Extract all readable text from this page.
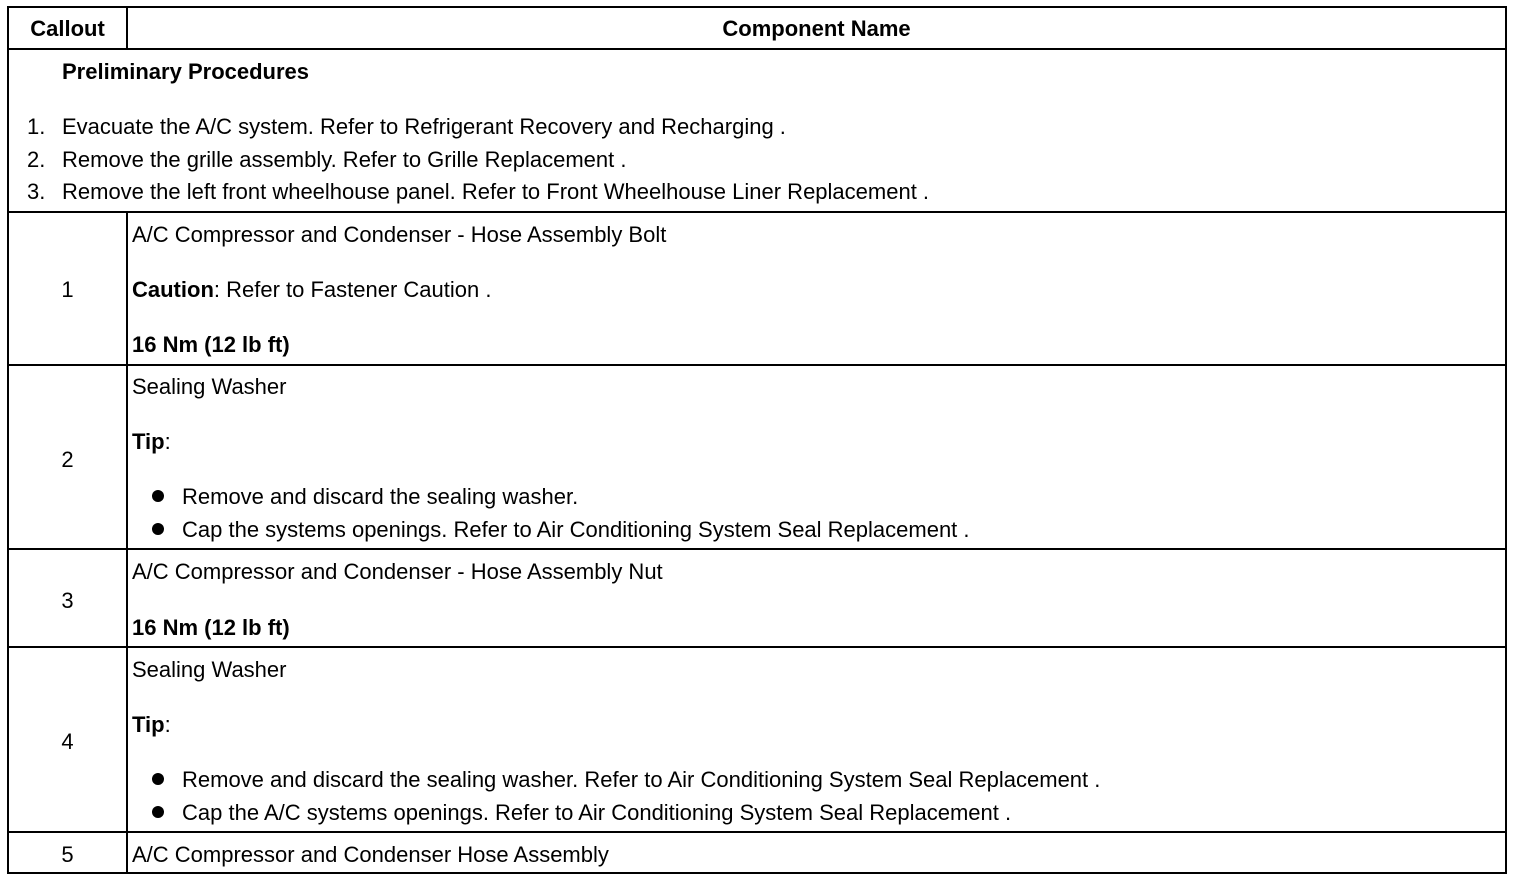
Callout	Component Name
Preliminary Procedures
1. Evacuate the A/C system. Refer to Refrigerant Recovery and Recharging .
2. Remove the grille assembly. Refer to Grille Replacement .
3. Remove the left front wheelhouse panel. Refer to Front Wheelhouse Liner Replacement .
1
A/C Compressor and Condenser - Hose Assembly Bolt
Caution: Refer to Fastener Caution .
16 Nm (12 lb ft)
2
Sealing Washer
Tip:
Remove and discard the sealing washer.
Cap the systems openings. Refer to Air Conditioning System Seal Replacement .
3
A/C Compressor and Condenser - Hose Assembly Nut
16 Nm (12 lb ft)
4
Sealing Washer
Tip:
Remove and discard the sealing washer. Refer to Air Conditioning System Seal Replacement .
Cap the A/C systems openings. Refer to Air Conditioning System Seal Replacement .
5	A/C Compressor and Condenser Hose Assembly
